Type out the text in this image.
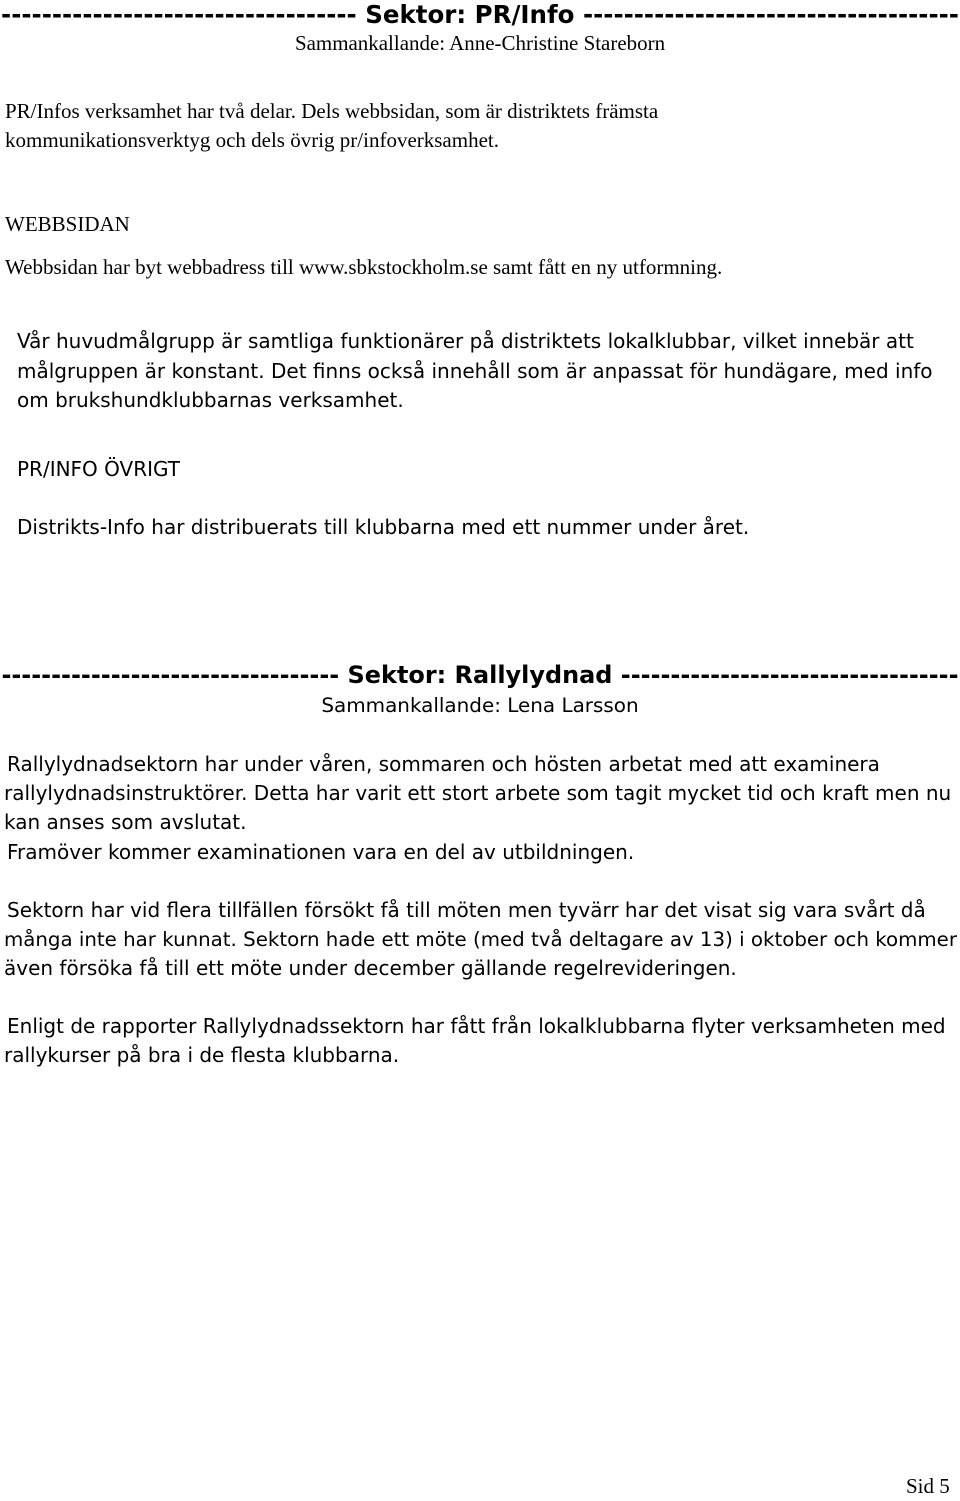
----------------------------------- Sektor: PR/Info -------------------------------------
Sammankallande: Anne-Christine Stareborn
PR/Infos verksamhet har två delar. Dels webbsidan, som är distriktets främsta
kommunikationsverktyg och dels övrig pr/infoverksamhet.
WEBBSIDAN
Webbsidan har byt webbadress till www.sbkstockholm.se samt fått en ny utformning.
Vår huvudmålgrupp är samtliga funktionärer på distriktets lokalklubbar, vilket innebär att
målgruppen är konstant. Det finns också innehåll som är anpassat för hundägare, med info
om brukshundklubbarnas verksamhet.
PR/INFO ÖVRIGT
Distrikts-Info har distribuerats till klubbarna med ett nummer under året.
---------------------------------- Sektor: Rallylydnad ----------------------------------
Sammankallande: Lena Larsson
Rallylydnadsektorn har under våren, sommaren och hösten arbetat med att examinera
rallylydnadsinstruktörer. Detta har varit ett stort arbete som tagit mycket tid och kraft men nu
kan anses som avslutat.
Framöver kommer examinationen vara en del av utbildningen.
Sektorn har vid flera tillfällen försökt få till möten men tyvärr har det visat sig vara svårt då
många inte har kunnat. Sektorn hade ett möte (med två deltagare av 13) i oktober och kommer
även försöka få till ett möte under december gällande regelrevideringen.
Enligt de rapporter Rallylydnadssektorn har fått från lokalklubbarna flyter verksamheten med
rallykurser på bra i de flesta klubbarna.
Sid 5
